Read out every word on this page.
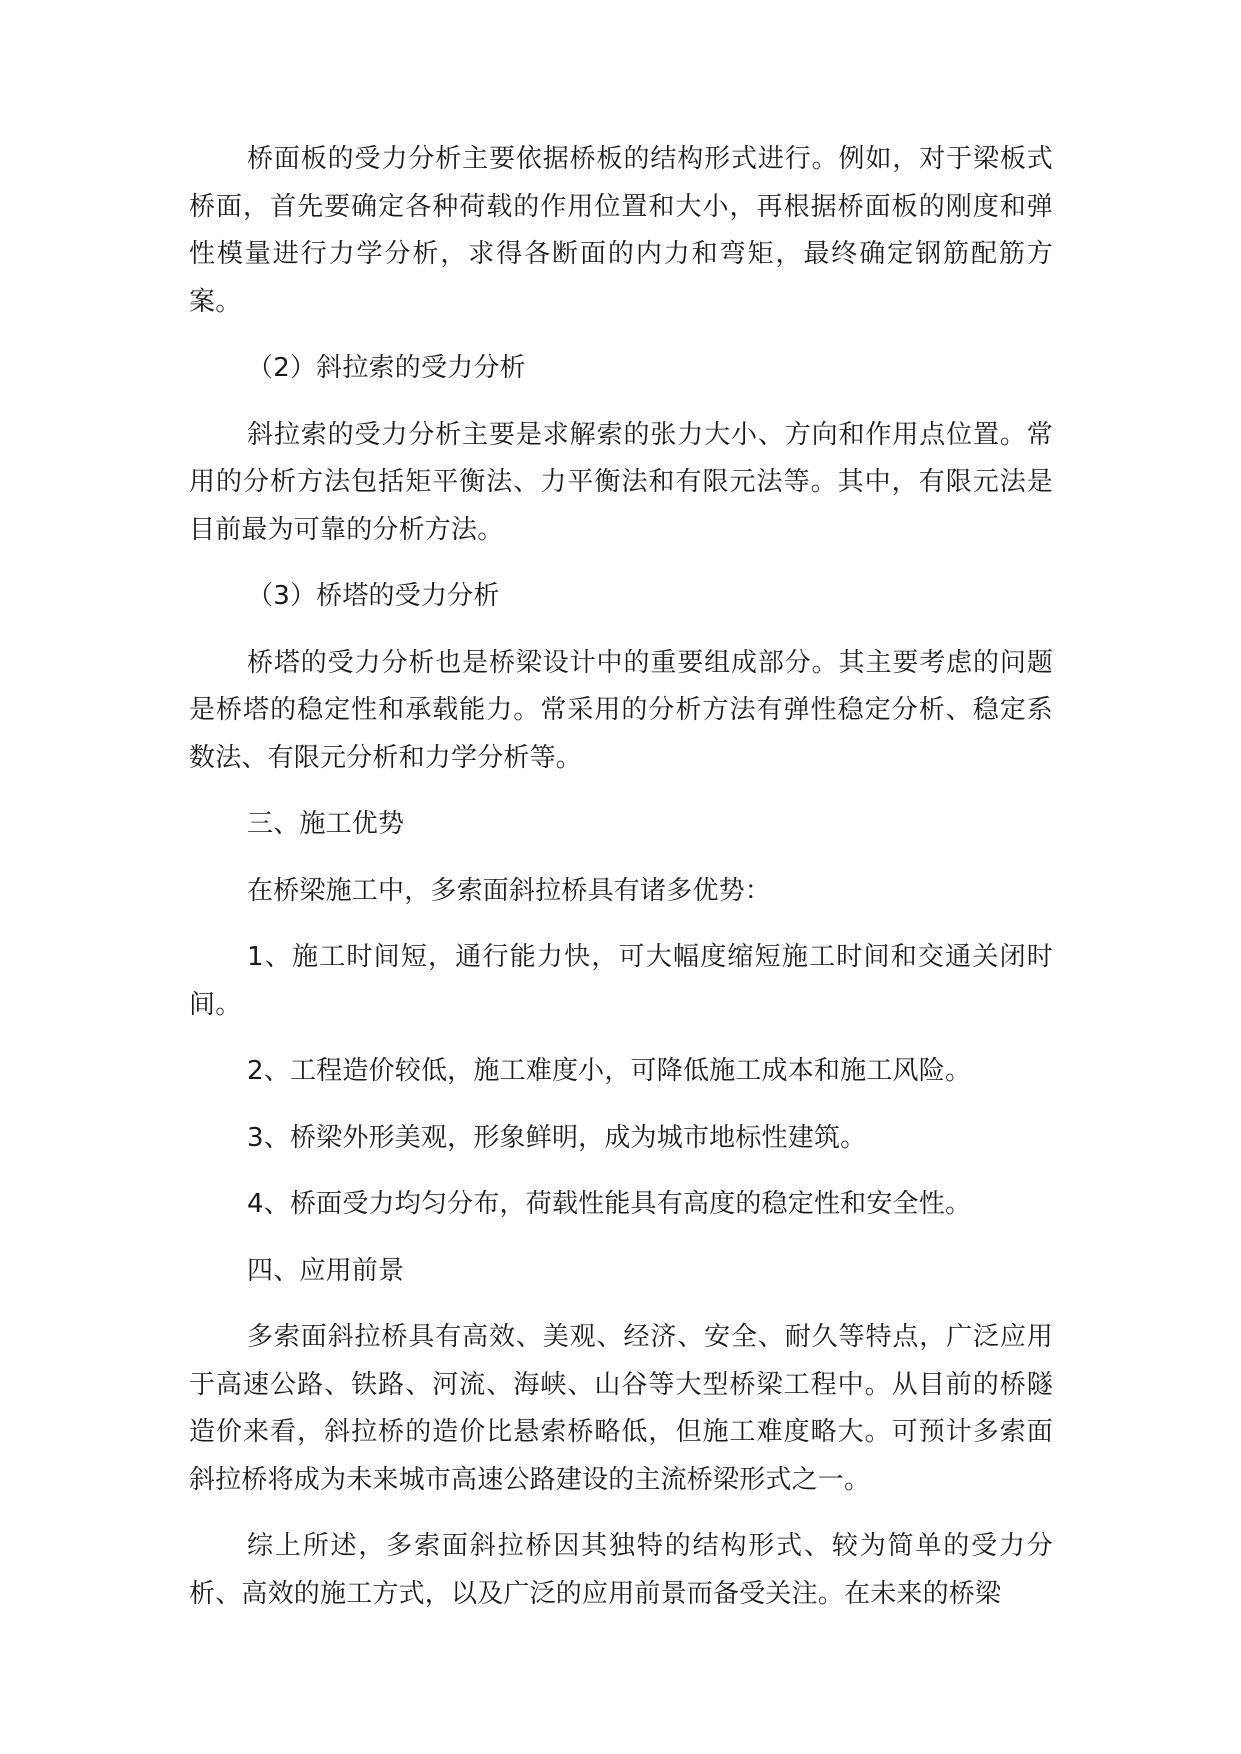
桥面板的受力分析主要依据桥板的结构形式进行。例如，对于梁板式桥面，首先要确定各种荷载的作用位置和大小，再根据桥面板的刚度和弹性模量进行力学分析，求得各断面的内力和弯矩，最终确定钢筋配筋方案。

（2）斜拉索的受力分析

斜拉索的受力分析主要是求解索的张力大小、方向和作用点位置。常用的分析方法包括矩平衡法、力平衡法和有限元法等。其中，有限元法是目前最为可靠的分析方法。

（3）桥塔的受力分析

桥塔的受力分析也是桥梁设计中的重要组成部分。其主要考虑的问题是桥塔的稳定性和承载能力。常采用的分析方法有弹性稳定分析、稳定系数法、有限元分析和力学分析等。

三、施工优势

在桥梁施工中，多索面斜拉桥具有诸多优势：

1、施工时间短，通行能力快，可大幅度缩短施工时间和交通关闭时间。

2、工程造价较低，施工难度小，可降低施工成本和施工风险。

3、桥梁外形美观，形象鲜明，成为城市地标性建筑。

4、桥面受力均匀分布，荷载性能具有高度的稳定性和安全性。

四、应用前景

多索面斜拉桥具有高效、美观、经济、安全、耐久等特点，广泛应用于高速公路、铁路、河流、海峡、山谷等大型桥梁工程中。从目前的桥隧造价来看，斜拉桥的造价比悬索桥略低，但施工难度略大。可预计多索面斜拉桥将成为未来城市高速公路建设的主流桥梁形式之一。

综上所述，多索面斜拉桥因其独特的结构形式、较为简单的受力分析、高效的施工方式，以及广泛的应用前景而备受关注。在未来的桥梁
